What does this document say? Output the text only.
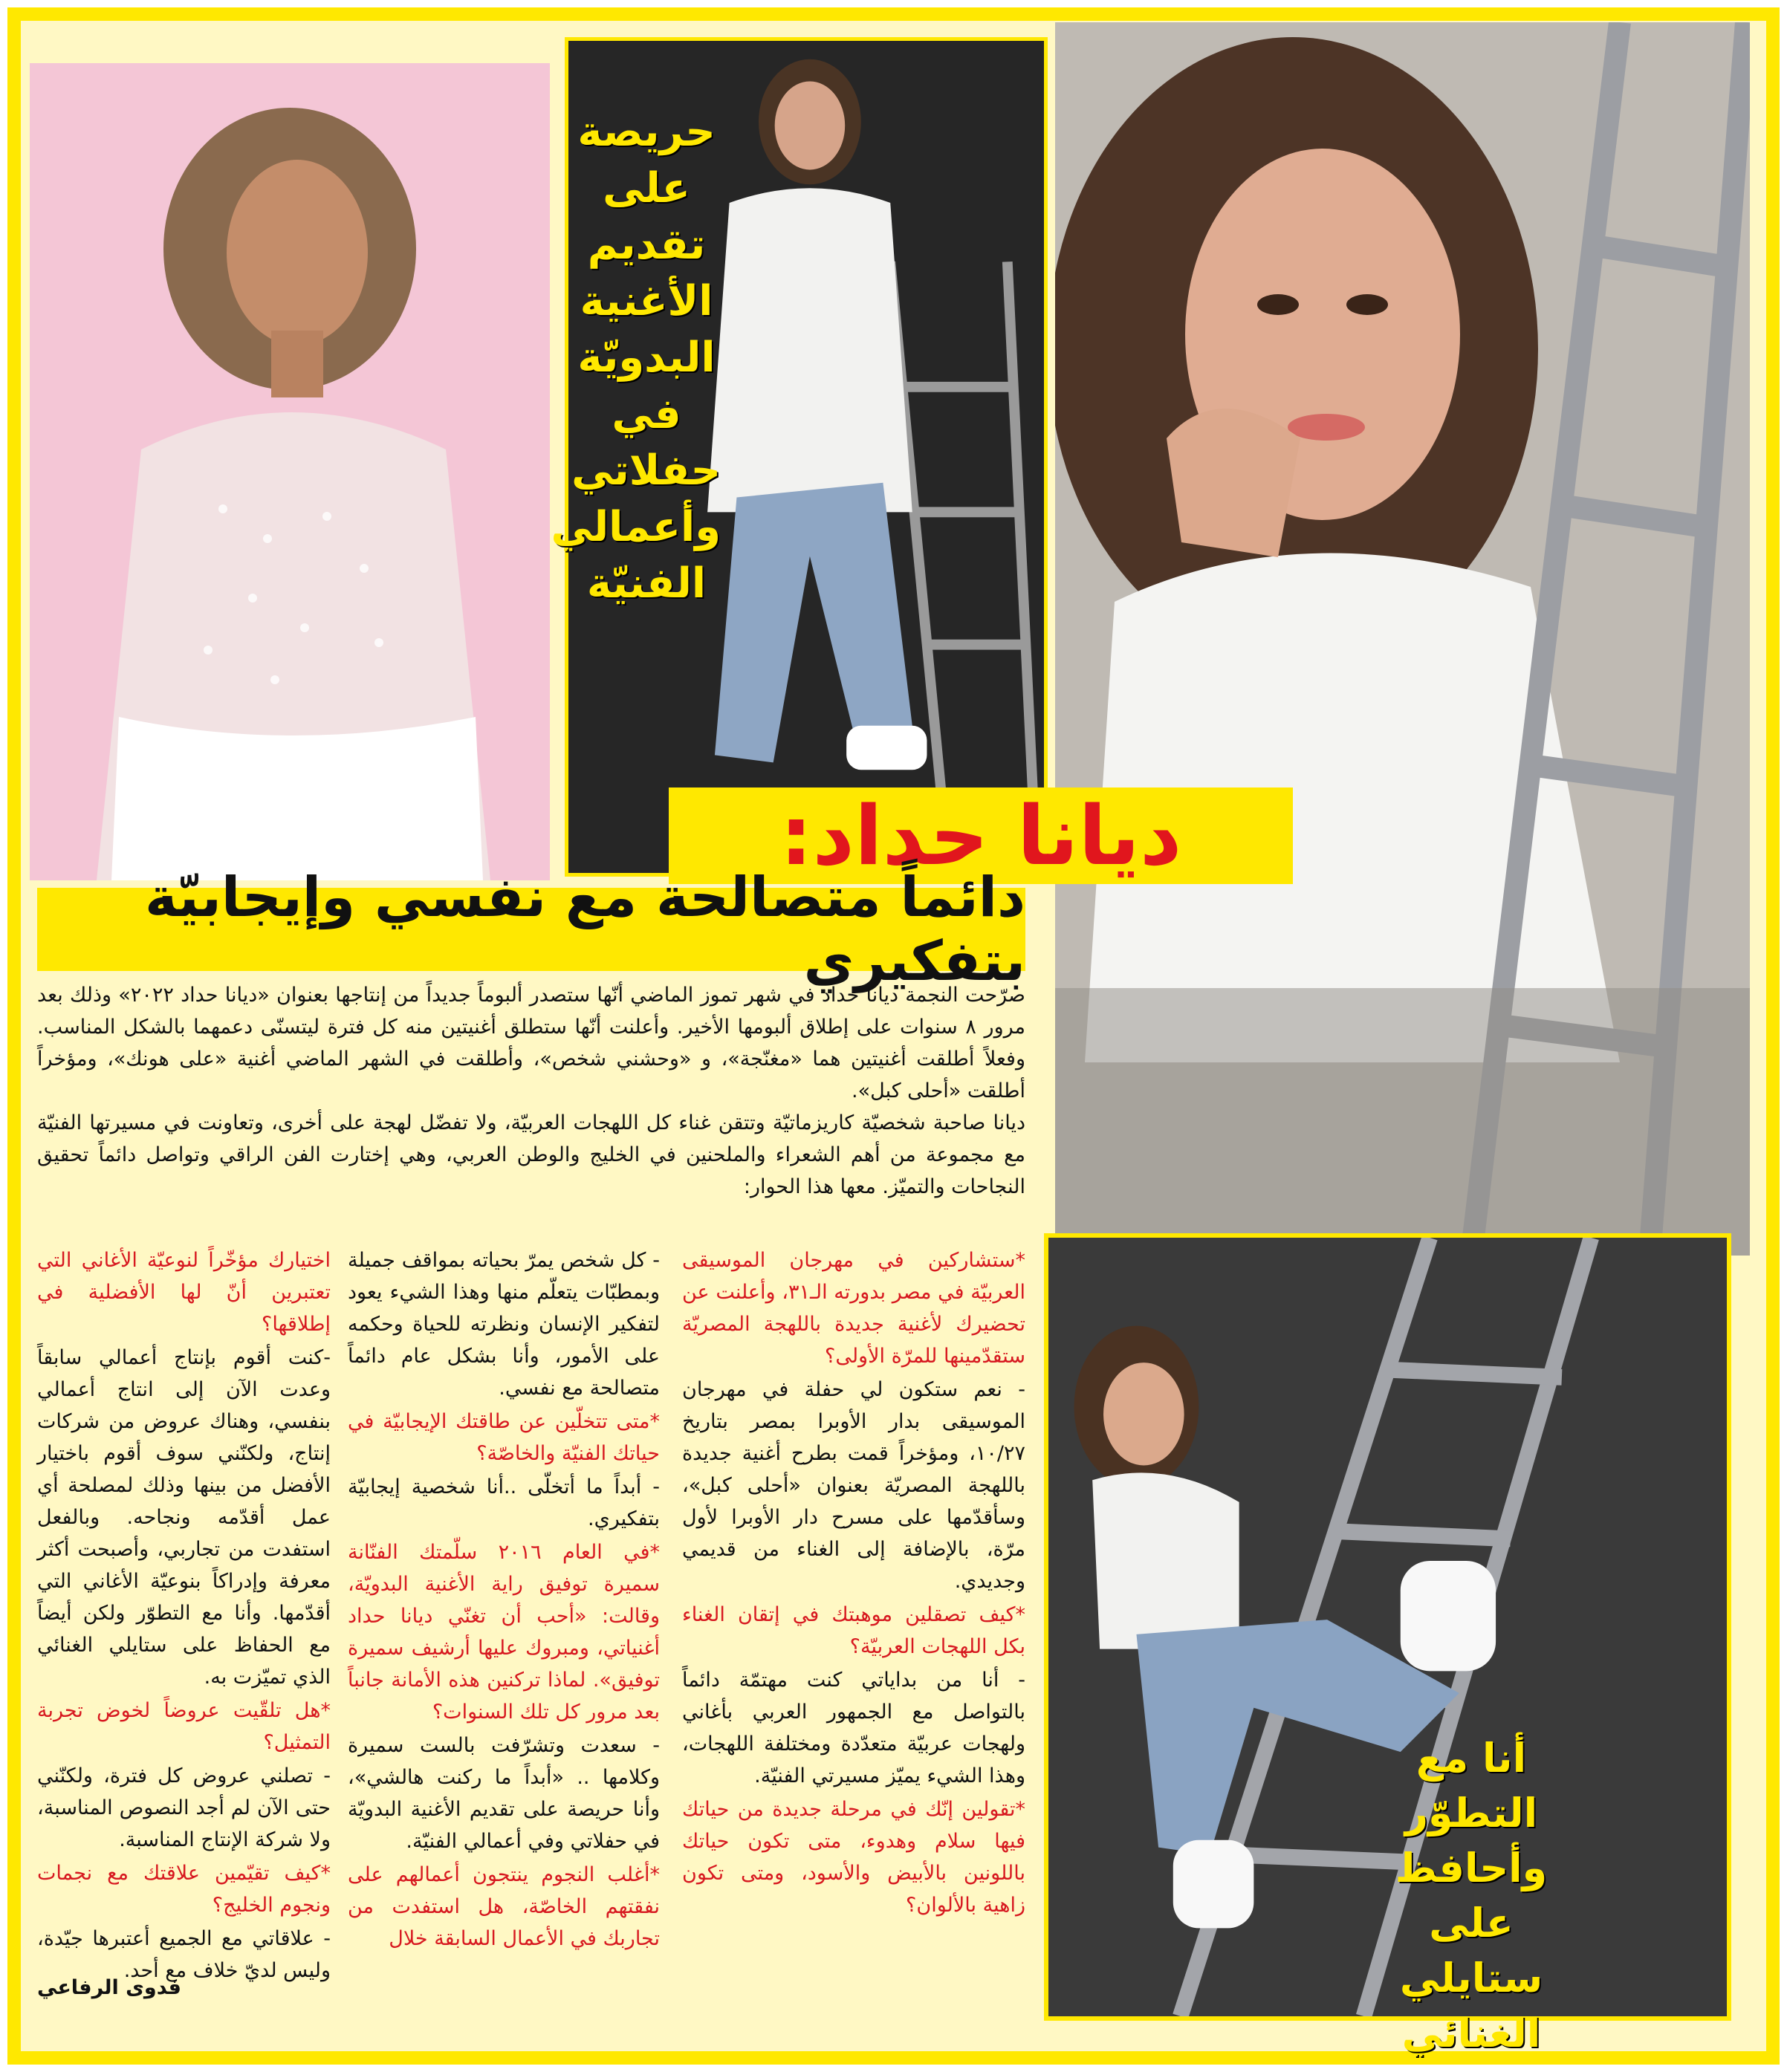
حريصة
على
تقديم
الأغنية
البدويّة
في
حفلاتي
وأعمالي
الفنيّة
أنا مع التطوّر
وأحافظ على
ستايلي الغنائي
ديانا حداد:
دائماً متصالحة مع نفسي وإيجابيّة بتفكيري

صرّحت النجمة ديانا حداد في شهر تموز الماضي أنّها ستصدر ألبوماً جديداً من إنتاجها بعنوان «ديانا حداد ٢٠٢٢» وذلك بعد مرور ٨ سنوات على إطلاق ألبومها الأخير. وأعلنت أنّها ستطلق أغنيتين منه كل فترة ليتسنّى دعمهما بالشكل المناسب. وفعلاً أطلقت أغنيتين هما «مغنّجة»، و «وحشني شخص»، وأطلقت في الشهر الماضي أغنية «على هونك»، ومؤخراً أطلقت «أحلى كبل».

ديانا صاحبة شخصيّة كاريزماتيّة وتتقن غناء كل اللهجات العربيّة، ولا تفضّل لهجة على أخرى، وتعاونت في مسيرتها الفنيّة مع مجموعة من أهم الشعراء والملحنين في الخليج والوطن العربي، وهي إختارت الفن الراقي وتواصل دائماً تحقيق النجاحات والتميّز. معها هذا الحوار:

*ستشاركين في مهرجان الموسيقى العربيّة في مصر بدورته الـ٣١، وأعلنت عن تحضيرك لأغنية جديدة باللهجة المصريّة ستقدّمينها للمرّة الأولى؟

- نعم ستكون لي حفلة في مهرجان الموسيقى بدار الأوبرا بمصر بتاريخ ١٠/٢٧، ومؤخراً قمت بطرح أغنية جديدة باللهجة المصريّة بعنوان «أحلى كبل»، وسأقدّمها على مسرح دار الأوبرا لأول مرّة، بالإضافة إلى الغناء من قديمي وجديدي.

*كيف تصقلين موهبتك في إتقان الغناء بكل اللهجات العربيّة؟

- أنا من بداياتي كنت مهتمّة دائماً بالتواصل مع الجمهور العربي بأغاني ولهجات عربيّة متعدّدة ومختلفة اللهجات، وهذا الشيء يميّز مسيرتي الفنيّة.

*تقولين إنّك في مرحلة جديدة من حياتك فيها سلام وهدوء، متى تكون حياتك باللونين بالأبيض والأسود، ومتى تكون زاهية بالألوان؟

- كل شخص يمرّ بحياته بمواقف جميلة وبمطبّات يتعلّم منها وهذا الشيء يعود لتفكير الإنسان ونظرته للحياة وحكمه على الأمور، وأنا بشكل عام دائماً متصالحة مع نفسي.

*متى تتخلّين عن طاقتك الإيجابيّة في حياتك الفنيّة والخاصّة؟

- أبداً ما أتخلّى ..أنا شخصية إيجابيّة بتفكيري.

*في العام ٢٠١٦ سلّمتك الفنّانة سميرة توفيق راية الأغنية البدويّة، وقالت: «أحب أن تغنّي ديانا حداد أغنياتي، ومبروك عليها أرشيف سميرة توفيق». لماذا تركنين هذه الأمانة جانباً بعد مرور كل تلك السنوات؟

- سعدت وتشرّفت بالست سميرة وكلامها .. «أبداً ما ركنت هالشي»، وأنا حريصة على تقديم الأغنية البدويّة في حفلاتي وفي أعمالي الفنيّة.

*أغلب النجوم ينتجون أعمالهم على نفقتهم الخاصّة، هل استفدت من تجاربك في الأعمال السابقة خلال

اختيارك مؤخّراً لنوعيّة الأغاني التي تعتبرين أنّ لها الأفضلية في إطلاقها؟

-كنت أقوم بإنتاج أعمالي سابقاً وعدت الآن إلى انتاج أعمالي بنفسي، وهناك عروض من شركات إنتاج، ولكنّني سوف أقوم باختيار الأفضل من بينها وذلك لمصلحة أي عمل أقدّمه ونجاحه. وبالفعل استفدت من تجاربي، وأصبحت أكثر معرفة وإدراكاً بنوعيّة الأغاني التي أقدّمها. وأنا مع التطوّر ولكن أيضاً مع الحفاظ على ستايلي الغنائي الذي تميّزت به.

*هل تلقّيت عروضاً لخوض تجربة التمثيل؟

- تصلني عروض كل فترة، ولكنّني حتى الآن لم أجد النصوص المناسبة، ولا شركة الإنتاج المناسبة.

*كيف تقيّمين علاقتك مع نجمات ونجوم الخليج؟

- علاقاتي مع الجميع أعتبرها جيّدة، وليس لديّ خلاف مع أحد.

فدوى الرفاعي
